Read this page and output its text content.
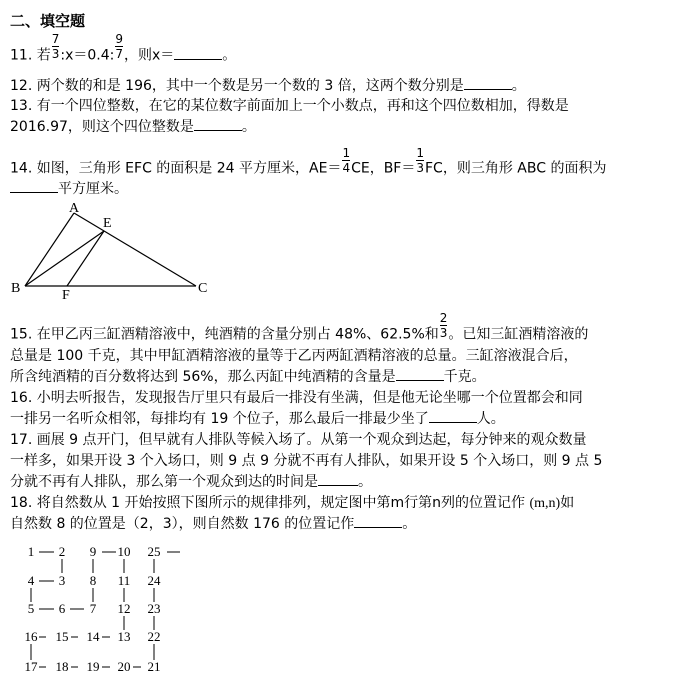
二、填空题
11. 若 $\frac{7}{3}$ :x＝0.4: $\frac{9}{7}$ ，则x＝	。
12. 两个数的和是 196，其中一个数是另一个数的 3 倍，这两个数分别是	。
13. 有一个四位整数，在它的某位数字前面加上一个小数点，再和这个四位数相加，得数是
2016.97，则这个四位整数是	。
14. 如图，三角形 EFC 的面积是 24 平方厘米，$AE= \frac{1}{4}$ CE，$BF= \frac{1}{3}$ FC，则三角形 ABC 的面积为
平方厘米。
A
E
B	F	C
15. 在甲乙丙三缸酒精溶液中，纯酒精的含量分别占 48%、62.5%和 $\frac{2}{3}$ 。已知三缸酒精溶液的
总量是 100 千克，其中甲缸酒精溶液的量等于乙丙两缸酒精溶液的总量。三缸溶液混合后，
所含纯酒精的百分数将达到 56%，那么丙缸中纯酒精的含量是	千克。
16. 小明去听报告，发现报告厅里只有最后一排没有坐满，但是他无论坐哪一个位置都会和同
一排另一名听众相邻，每排均有 19 个位子，那么最后一排最少坐了	人。
17. 画展 9 点开门，但早就有人排队等候入场了。从第一个观众到达起，每分钟来的观众数量
一样多，如果开设 3 个入场口，则 9 点 9 分就不再有人排队，如果开设 5 个入场口，则 9 点 5
分就不再有人排队，那么第一个观众到达的时间是	。
18. 将自然数从 1 开始按照下图所示的规律排列，规定图中第m行第n列的位置记作 (m,n)如
自然数 8 的位置是（2，3），则自然数 176 的位置记作	。
1 2 9 10 25
4 3 8 11 24
5 6 7 12 23
16 15 14 13 22
17 18 19 20 21
